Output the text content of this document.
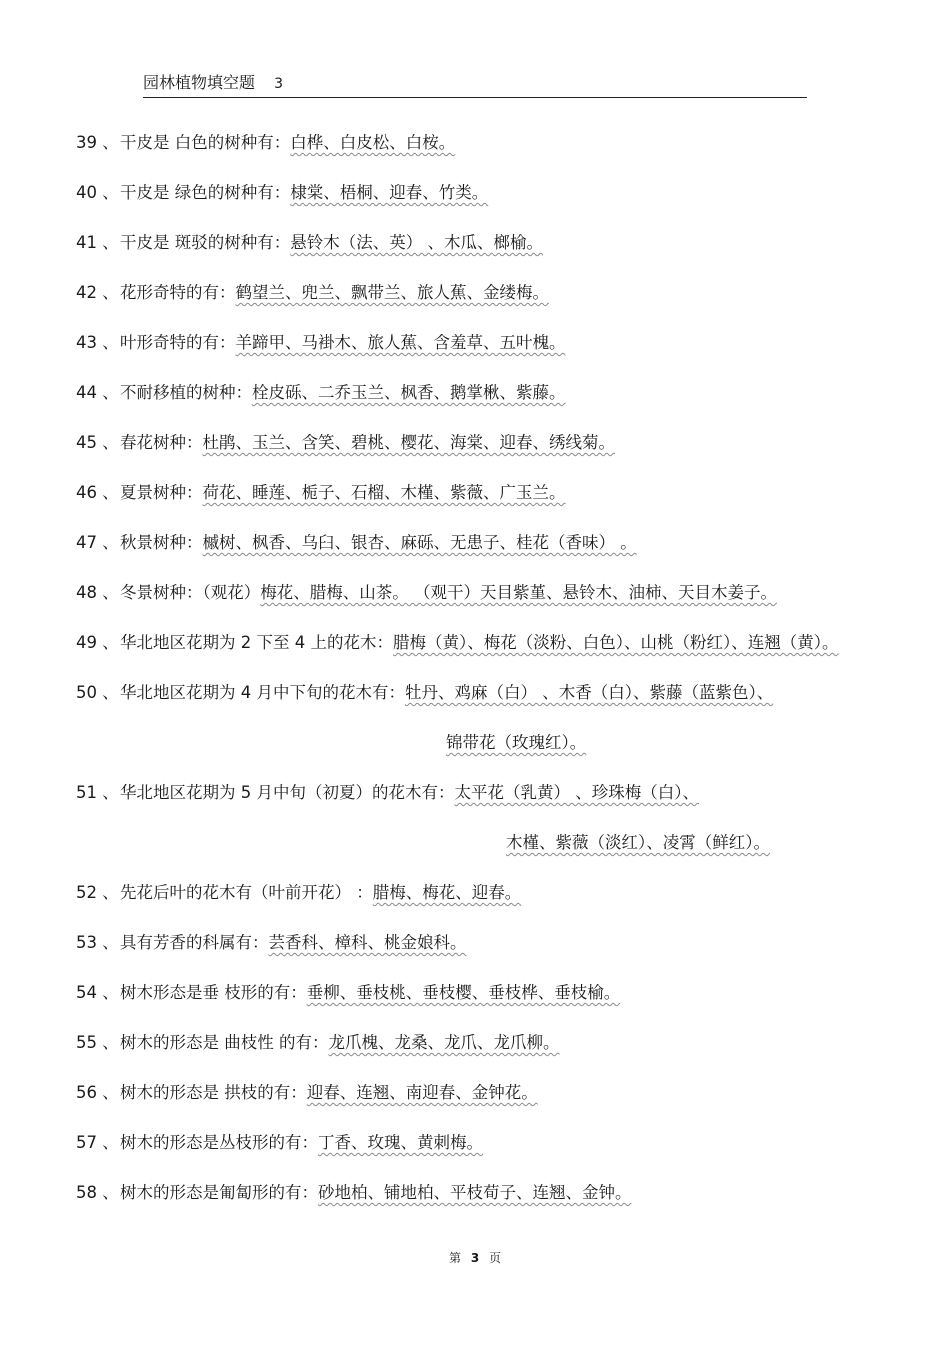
园林植物填空题 3
39 、干皮是 白色的树种有：白桦、白皮松、白桉。
40 、干皮是 绿色的树种有：棣棠、梧桐、迎春、竹类。
41 、干皮是 斑驳的树种有：悬铃木（法、英） 、木瓜、榔榆。
42 、花形奇特的有：鹤望兰、兜兰、飘带兰、旅人蕉、金缕梅。
43 、叶形奇特的有：羊蹄甲、马褂木、旅人蕉、含羞草、五叶槐。
44 、不耐移植的树种：栓皮砾、二乔玉兰、枫香、鹅掌楸、紫藤。
45 、春花树种：杜鹃、玉兰、含笑、碧桃、樱花、海棠、迎春、绣线菊。
46 、夏景树种：荷花、睡莲、栀子、石榴、木槿、紫薇、广玉兰。
47 、秋景树种：槭树、枫香、乌臼、银杏、麻砾、无患子、桂花（香味） 。
48 、冬景树种：（观花）梅花、腊梅、山茶。 （观干）天目紫堇、悬铃木、油柿、天目木姜子。
49 、华北地区花期为 2 下至 4 上的花木：腊梅（黄）、梅花（淡粉、白色）、山桃（粉红）、连翘（黄）。
50 、华北地区花期为 4 月中下旬的花木有：牡丹、鸡麻（白） 、木香（白）、紫藤（蓝紫色）、
锦带花（玫瑰红）。
51 、华北地区花期为 5 月中旬（初夏）的花木有：太平花（乳黄） 、珍珠梅（白）、
木槿、紫薇（淡红）、凌霄（鲜红）。
52 、先花后叶的花木有（叶前开花） ：腊梅、梅花、迎春。
53 、具有芳香的科属有：芸香科、樟科、桃金娘科。
54 、树木形态是垂 枝形的有：垂柳、垂枝桃、垂枝樱、垂枝桦、垂枝榆。
55 、树木的形态是 曲枝性 的有：龙爪槐、龙桑、龙爪、龙爪柳。
56 、树木的形态是 拱枝的有：迎春、连翘、南迎春、金钟花。
57 、树木的形态是丛枝形的有：丁香、玫瑰、黄刺梅。
58 、树木的形态是匍匐形的有：砂地柏、铺地柏、平枝荀子、连翘、金钟。
第 3 页
